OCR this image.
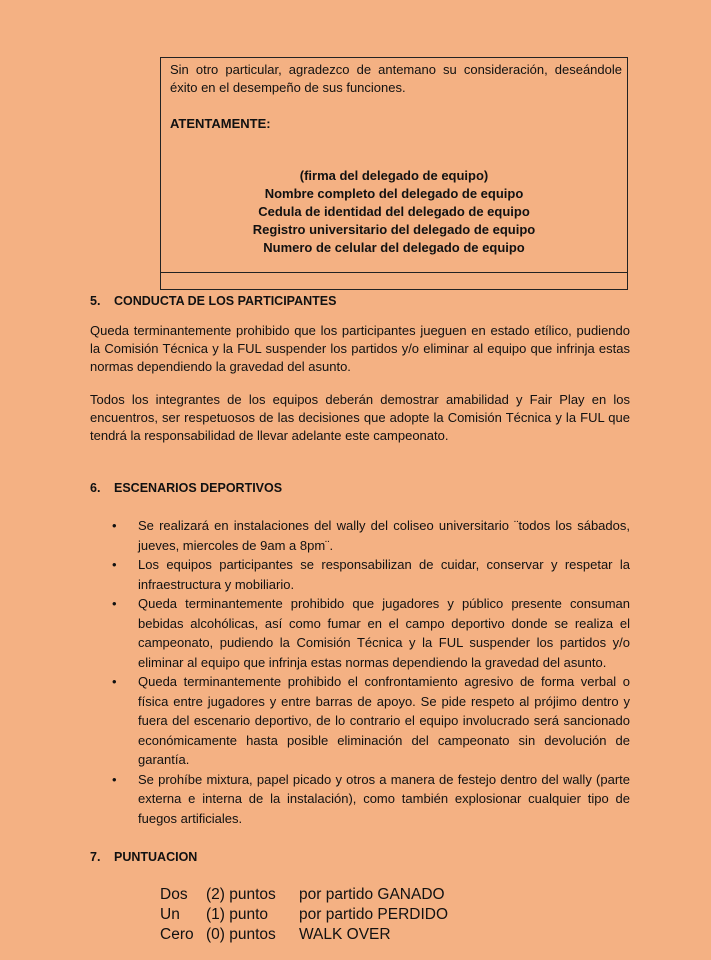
Sin otro particular, agradezco de antemano su consideración, deseándole éxito en el desempeño de sus funciones.
ATENTAMENTE:
(firma del delegado de equipo)
Nombre completo del delegado de equipo
Cedula de identidad del delegado de equipo
Registro universitario del delegado de equipo
Numero de celular del delegado de equipo
5. CONDUCTA DE LOS PARTICIPANTES
Queda terminantemente prohibido que los participantes jueguen en estado etílico, pudiendo la Comisión Técnica y la FUL suspender los partidos y/o eliminar al equipo que infrinja estas normas dependiendo la gravedad del asunto.
Todos los integrantes de los equipos deberán demostrar amabilidad y Fair Play en los encuentros, ser respetuosos de las decisiones que adopte la Comisión Técnica y la FUL que tendrá la responsabilidad de llevar adelante este campeonato.
6. ESCENARIOS DEPORTIVOS
• Se realizará en instalaciones del wally del coliseo universitario ¨todos los sábados, jueves, miercoles de 9am a 8pm¨.
• Los equipos participantes se responsabilizan de cuidar, conservar y respetar la infraestructura y mobiliario.
• Queda terminantemente prohibido que jugadores y público presente consuman bebidas alcohólicas, así como fumar en el campo deportivo donde se realiza el campeonato, pudiendo la Comisión Técnica y la FUL suspender los partidos y/o eliminar al equipo que infrinja estas normas dependiendo la gravedad del asunto.
• Queda terminantemente prohibido el confrontamiento agresivo de forma verbal o física entre jugadores y entre barras de apoyo. Se pide respeto al prójimo dentro y fuera del escenario deportivo, de lo contrario el equipo involucrado será sancionado económicamente hasta posible eliminación del campeonato sin devolución de garantía.
• Se prohíbe mixtura, papel picado y otros a manera de festejo dentro del wally (parte externa e interna de la instalación), como también explosionar cualquier tipo de fuegos artificiales.
7. PUNTUACION
Dos	(2) puntos	por partido GANADO
Un	(1) punto	por partido PERDIDO
Cero (0) puntos	WALK OVER
